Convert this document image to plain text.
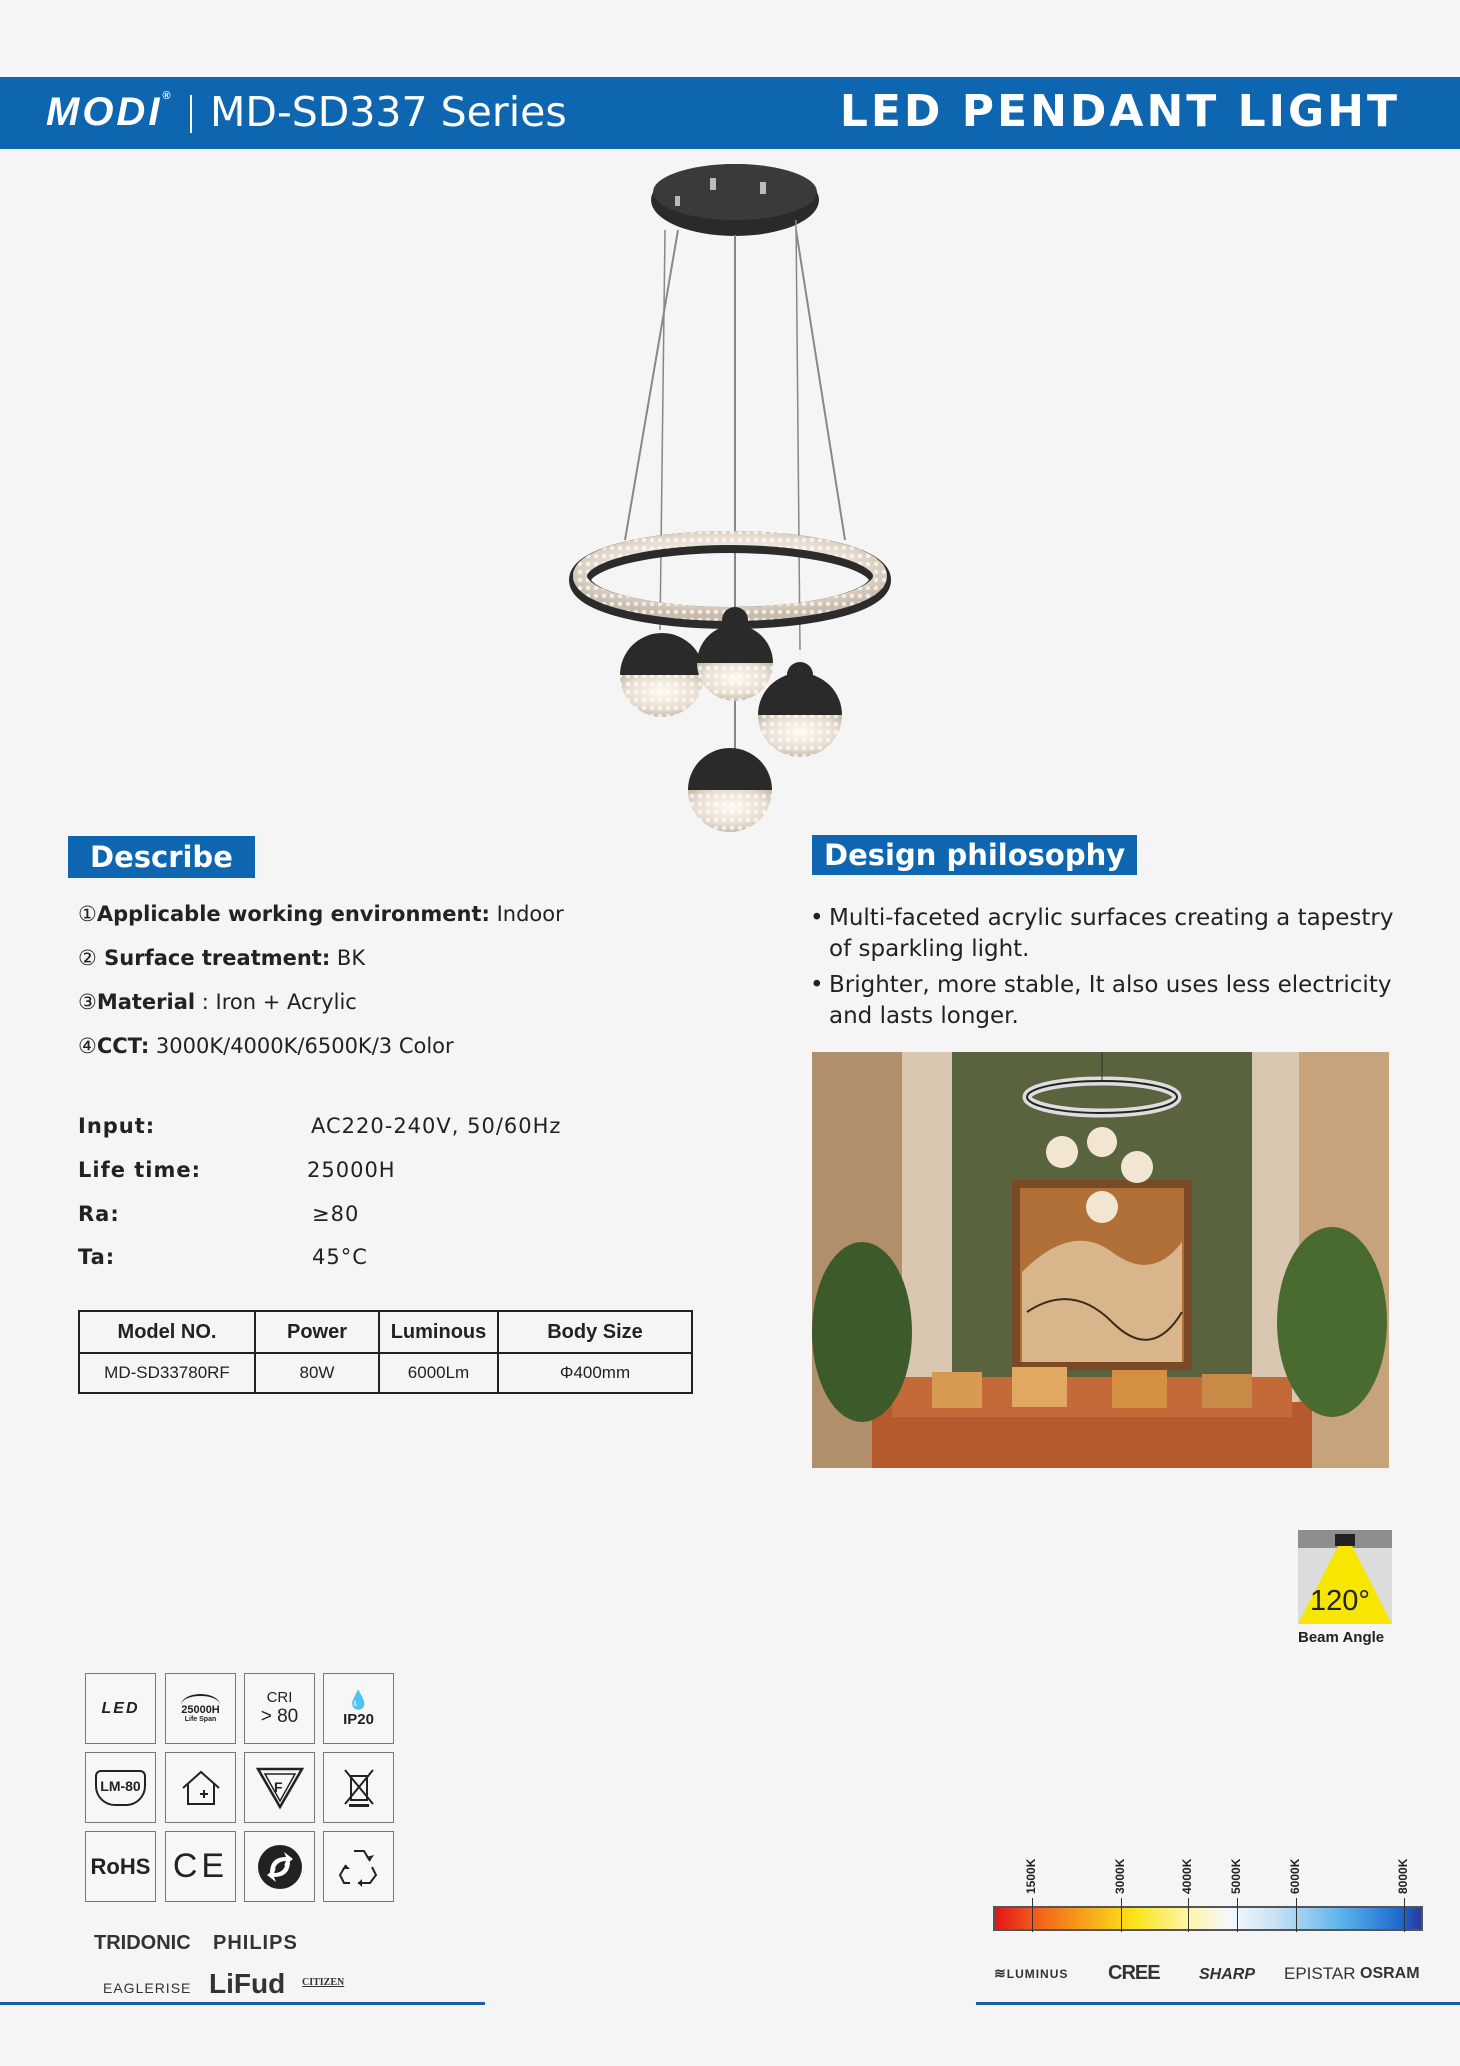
MODI® MD-SD337 Series	LED PENDANT LIGHT
Describe
①Applicable working environment: Indoor
② Surface treatment: BK
③Material : Iron + Acrylic
④CCT: 3000K/4000K/6500K/3 Color
Input:	AC220-240V, 50/60Hz
Life time:	25000H
Ra:	≥80
Ta:	45°C
Model NO.	Power	Luminous	Body Size
MD-SD33780RF	80W	6000Lm	Φ400mm
Design philosophy
• Multi-faceted acrylic surfaces creating a tapestry of sparkling light.
• Brighter, more stable, It also uses less electricity and lasts longer.
120°
Beam Angle
LED	25000H
Life Span
CRI
> 80
💧
IP20
LM-80	F
RoHS CE
TRIDONIC PHILIPS
EAGLERISE LiFud CITIZEN
1500K	3000K	4000K	5000K	6000K	8000K
≋LUMINUS CREE SHARP EPISTAR OSRAM
